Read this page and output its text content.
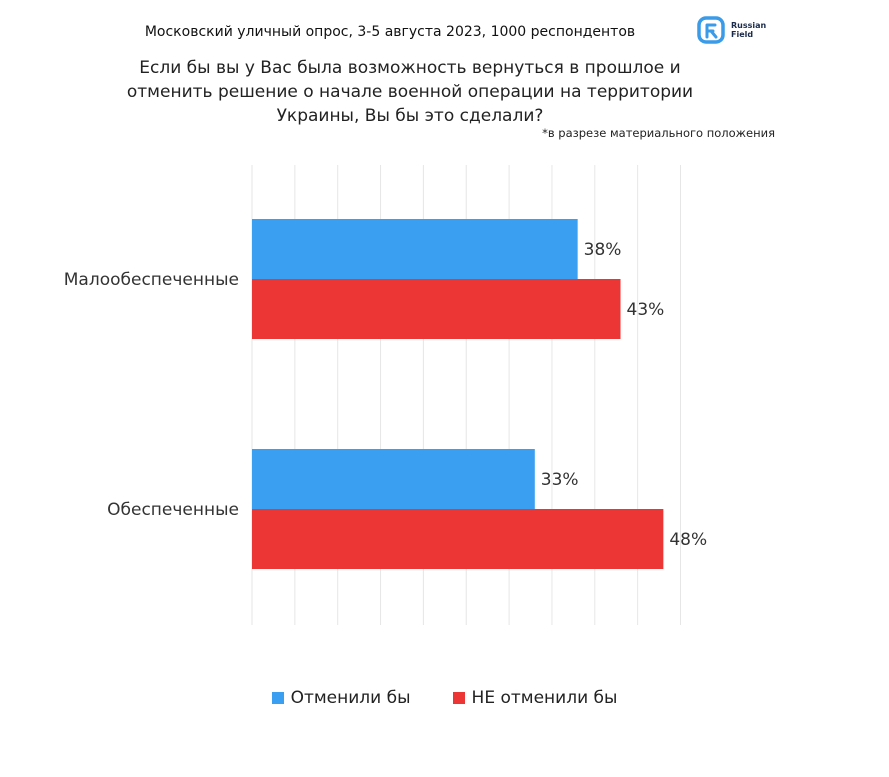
Московский уличный опрос, 3-5 августа 2023, 1000 респондентов	Russian
Field
Если бы вы у Вас была возможность вернуться в прошлое и отменить решение о начале военной операции на территории Украины, Вы бы это сделали?
*в разрезе материального положения
38%
43%
33%
48%
Малообеспеченные
Обеспеченные
Отменили бы	НЕ отменили бы
